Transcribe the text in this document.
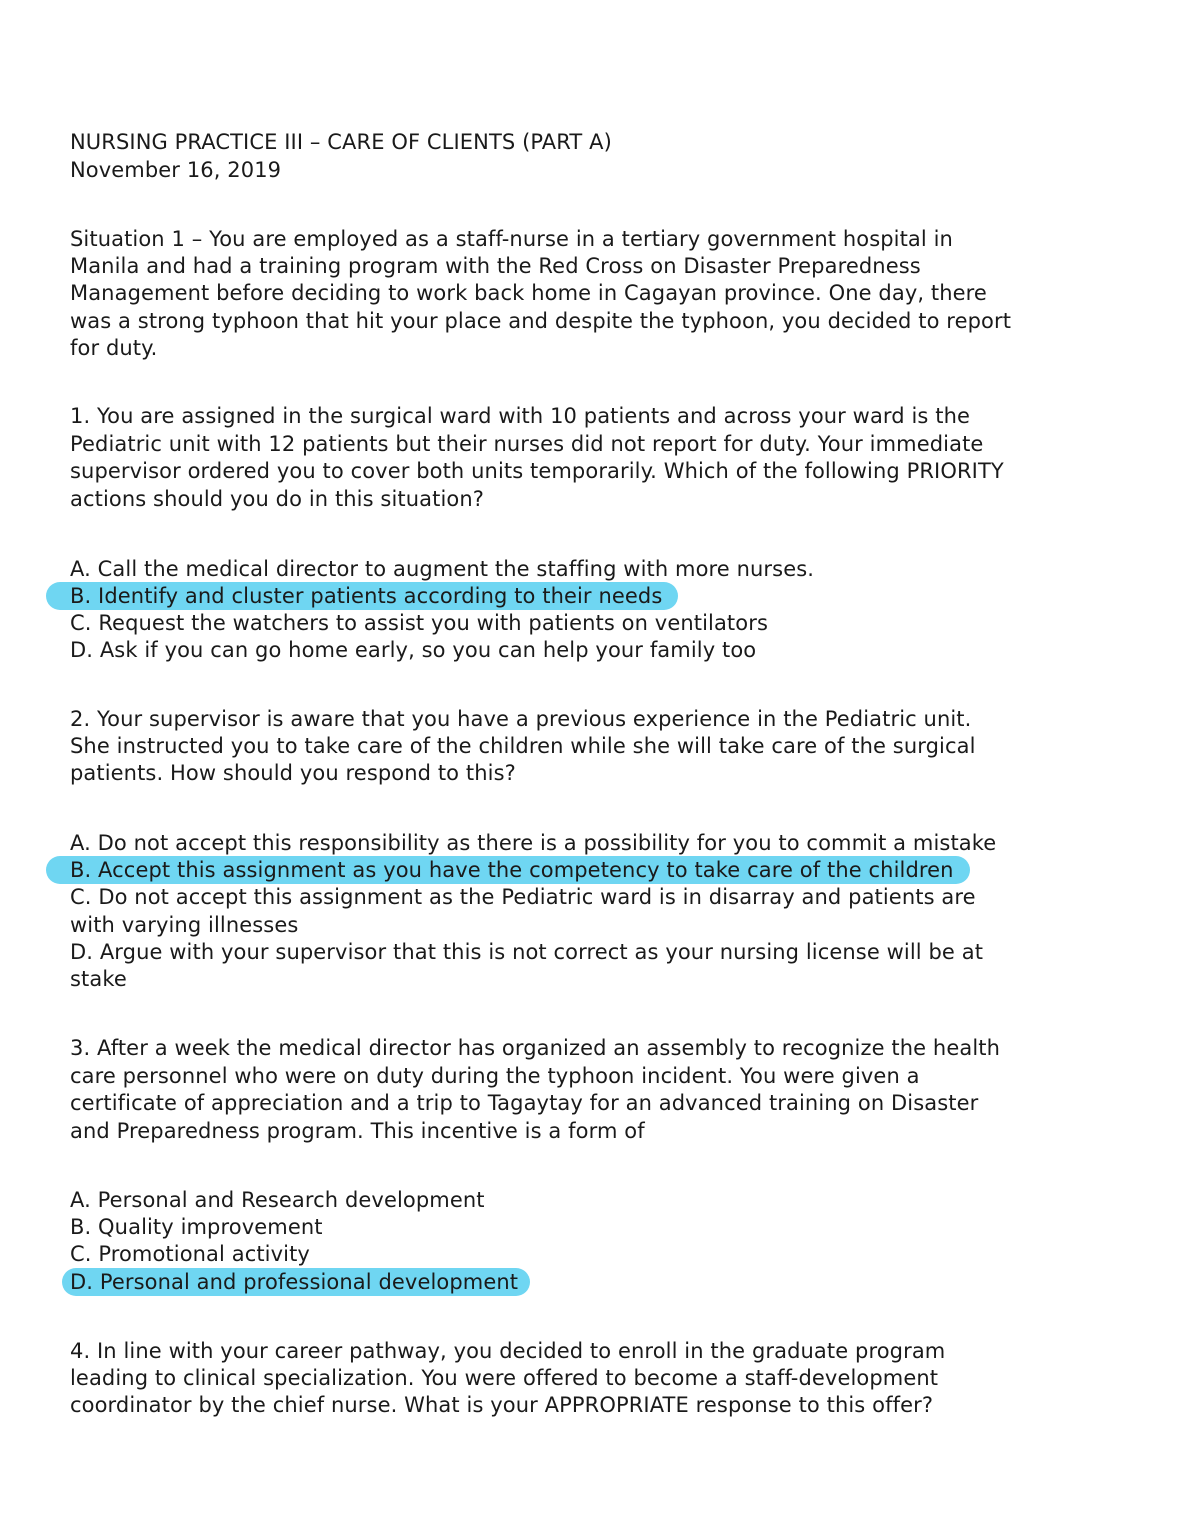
NURSING PRACTICE III – CARE OF CLIENTS (PART A)
November 16, 2019
Situation 1 – You are employed as a staff-nurse in a tertiary government hospital in
Manila and had a training program with the Red Cross on Disaster Preparedness
Management before deciding to work back home in Cagayan province. One day, there
was a strong typhoon that hit your place and despite the typhoon, you decided to report
for duty.
1. You are assigned in the surgical ward with 10 patients and across your ward is the
Pediatric unit with 12 patients but their nurses did not report for duty. Your immediate
supervisor ordered you to cover both units temporarily. Which of the following PRIORITY
actions should you do in this situation?
A. Call the medical director to augment the staffing with more nurses.
B. Identify and cluster patients according to their needs
C. Request the watchers to assist you with patients on ventilators
D. Ask if you can go home early, so you can help your family too
2. Your supervisor is aware that you have a previous experience in the Pediatric unit.
She instructed you to take care of the children while she will take care of the surgical
patients. How should you respond to this?
A. Do not accept this responsibility as there is a possibility for you to commit a mistake
B. Accept this assignment as you have the competency to take care of the children
C. Do not accept this assignment as the Pediatric ward is in disarray and patients are
with varying illnesses
D. Argue with your supervisor that this is not correct as your nursing license will be at
stake
3. After a week the medical director has organized an assembly to recognize the health
care personnel who were on duty during the typhoon incident. You were given a
certificate of appreciation and a trip to Tagaytay for an advanced training on Disaster
and Preparedness program. This incentive is a form of
A. Personal and Research development
B. Quality improvement
C. Promotional activity
D. Personal and professional development
4. In line with your career pathway, you decided to enroll in the graduate program
leading to clinical specialization. You were offered to become a staff-development
coordinator by the chief nurse. What is your APPROPRIATE response to this offer?
